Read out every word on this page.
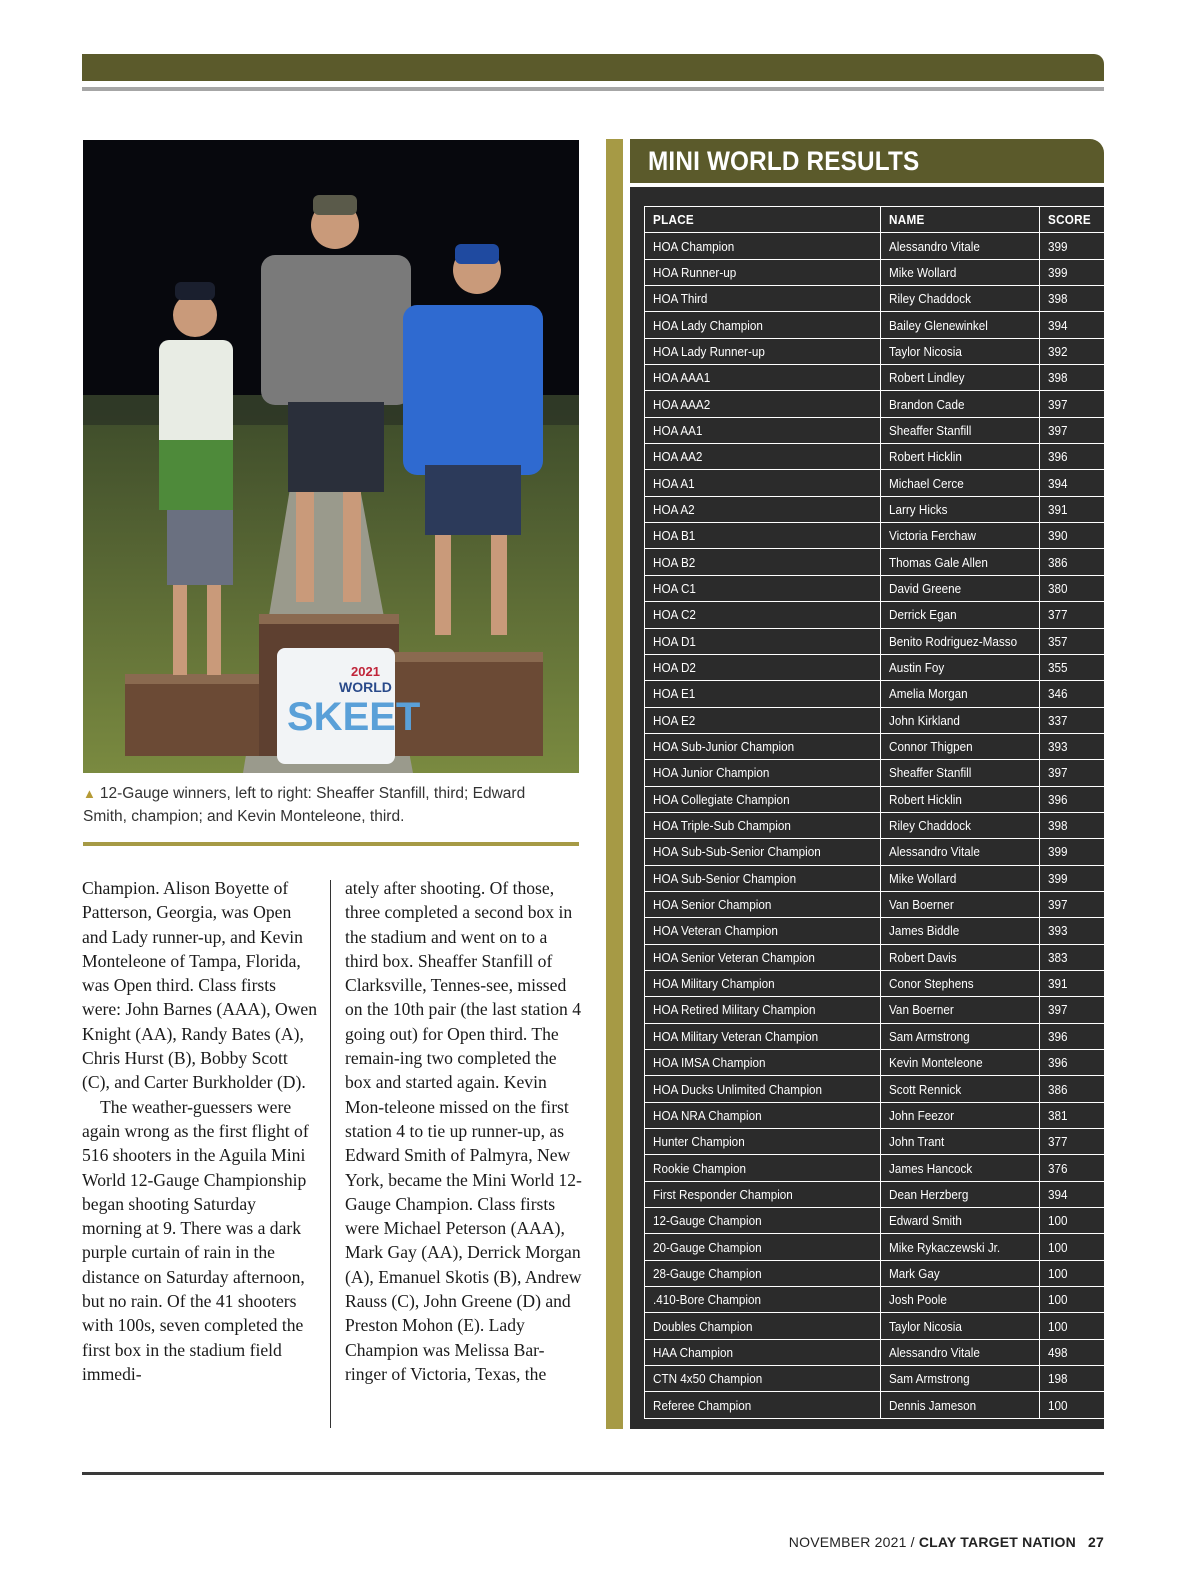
2021
WORLD
SKEET
▲ 12-Gauge winners, left to right: Sheaffer Stanfill, third; Edward Smith, champion; and Kevin Monteleone, third.

Champion. Alison Boyette of Patterson, Georgia, was Open and Lady runner-up, and Kevin Monteleone of Tampa, Florida, was Open third. Class firsts were: John Barnes (AAA), Owen Knight (AA), Randy Bates (A), Chris Hurst (B), Bobby Scott (C), and Carter Burkholder (D).

The weather-guessers were again wrong as the first flight of 516 shooters in the Aguila Mini World 12-Gauge Championship began shooting Saturday morning at 9. There was a dark purple curtain of rain in the distance on Saturday afternoon, but no rain. Of the 41 shooters with 100s, seven completed the first box in the stadium field immedi-

ately after shooting. Of those, three completed a second box in the stadium and went on to a third box. Sheaffer Stanfill of Clarksville, Tennes-see, missed on the 10th pair (the last station 4 going out) for Open third. The remain-ing two completed the box and started again. Kevin Mon-teleone missed on the first station 4 to tie up runner-up, as Edward Smith of Palmyra, New York, became the Mini World 12-Gauge Champion. Class firsts were Michael Peterson (AAA), Mark Gay (AA), Derrick Morgan (A), Emanuel Skotis (B), Andrew Rauss (C), John Greene (D) and Preston Mohon (E). Lady Champion was Melissa Bar-ringer of Victoria, Texas, the

MINI WORLD RESULTS
PLACE	NAME	SCORE
HOA Champion	Alessandro Vitale	399
HOA Runner-up	Mike Wollard	399
HOA Third	Riley Chaddock	398
HOA Lady Champion	Bailey Glenewinkel	394
HOA Lady Runner-up	Taylor Nicosia	392
HOA AAA1	Robert Lindley	398
HOA AAA2	Brandon Cade	397
HOA AA1	Sheaffer Stanfill	397
HOA AA2	Robert Hicklin	396
HOA A1	Michael Cerce	394
HOA A2	Larry Hicks	391
HOA B1	Victoria Ferchaw	390
HOA B2	Thomas Gale Allen	386
HOA C1	David Greene	380
HOA C2	Derrick Egan	377
HOA D1	Benito Rodriguez-Masso	357
HOA D2	Austin Foy	355
HOA E1	Amelia Morgan	346
HOA E2	John Kirkland	337
HOA Sub-Junior Champion	Connor Thigpen	393
HOA Junior Champion	Sheaffer Stanfill	397
HOA Collegiate Champion	Robert Hicklin	396
HOA Triple-Sub Champion	Riley Chaddock	398
HOA Sub-Sub-Senior Champion	Alessandro Vitale	399
HOA Sub-Senior Champion	Mike Wollard	399
HOA Senior Champion	Van Boerner	397
HOA Veteran Champion	James Biddle	393
HOA Senior Veteran Champion	Robert Davis	383
HOA Military Champion	Conor Stephens	391
HOA Retired Military Champion	Van Boerner	397
HOA Military Veteran Champion	Sam Armstrong	396
HOA IMSA Champion	Kevin Monteleone	396
HOA Ducks Unlimited Champion	Scott Rennick	386
HOA NRA Champion	John Feezor	381
Hunter Champion	John Trant	377
Rookie Champion	James Hancock	376
First Responder Champion	Dean Herzberg	394
12-Gauge Champion	Edward Smith	100
20-Gauge Champion	Mike Rykaczewski Jr.	100
28-Gauge Champion	Mark Gay	100
.410-Bore Champion	Josh Poole	100
Doubles Champion	Taylor Nicosia	100
HAA Champion	Alessandro Vitale	498
CTN 4x50 Champion	Sam Armstrong	198
Referee Champion	Dennis Jameson	100
NOVEMBER 2021 / CLAY TARGET NATION 27
